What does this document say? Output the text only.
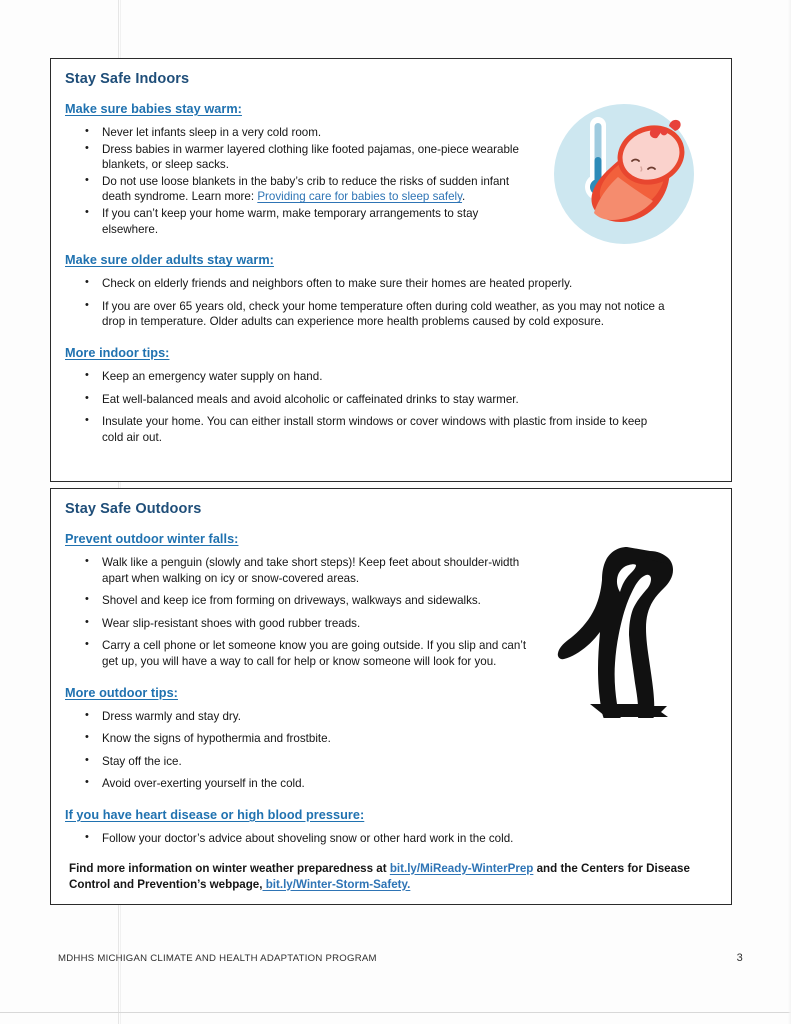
Stay Safe Indoors
Make sure babies stay warm:
• Never let infants sleep in a very cold room.
• Dress babies in warmer layered clothing like footed pajamas, one-piece wearable blankets, or sleep sacks.
• Do not use loose blankets in the baby’s crib to reduce the risks of sudden infant death syndrome. Learn more: Providing care for babies to sleep safely.
• If you can’t keep your home warm, make temporary arrangements to stay elsewhere.
Make sure older adults stay warm:
• Check on elderly friends and neighbors often to make sure their homes are heated properly.
• If you are over 65 years old, check your home temperature often during cold weather, as you may not notice a drop in temperature. Older adults can experience more health problems caused by cold exposure.
More indoor tips:
• Keep an emergency water supply on hand.
• Eat well-balanced meals and avoid alcoholic or caffeinated drinks to stay warmer.
• Insulate your home. You can either install storm windows or cover windows with plastic from inside to keep cold air out.
Stay Safe Outdoors
Prevent outdoor winter falls:
• Walk like a penguin (slowly and take short steps)! Keep feet about shoulder-width apart when walking on icy or snow-covered areas.
• Shovel and keep ice from forming on driveways, walkways and sidewalks.
• Wear slip-resistant shoes with good rubber treads.
• Carry a cell phone or let someone know you are going outside. If you slip and can’t get up, you will have a way to call for help or know someone will look for you.
More outdoor tips:
• Dress warmly and stay dry.
• Know the signs of hypothermia and frostbite.
• Stay off the ice.
• Avoid over-exerting yourself in the cold.
If you have heart disease or high blood pressure:
• Follow your doctor’s advice about shoveling snow or other hard work in the cold.

Find more information on winter weather preparedness at bit.ly/MiReady-WinterPrep and the Centers for Disease Control and Prevention’s webpage, bit.ly/Winter-Storm-Safety.

MDHHS MICHIGAN CLIMATE AND HEALTH ADAPTATION PROGRAM	3
